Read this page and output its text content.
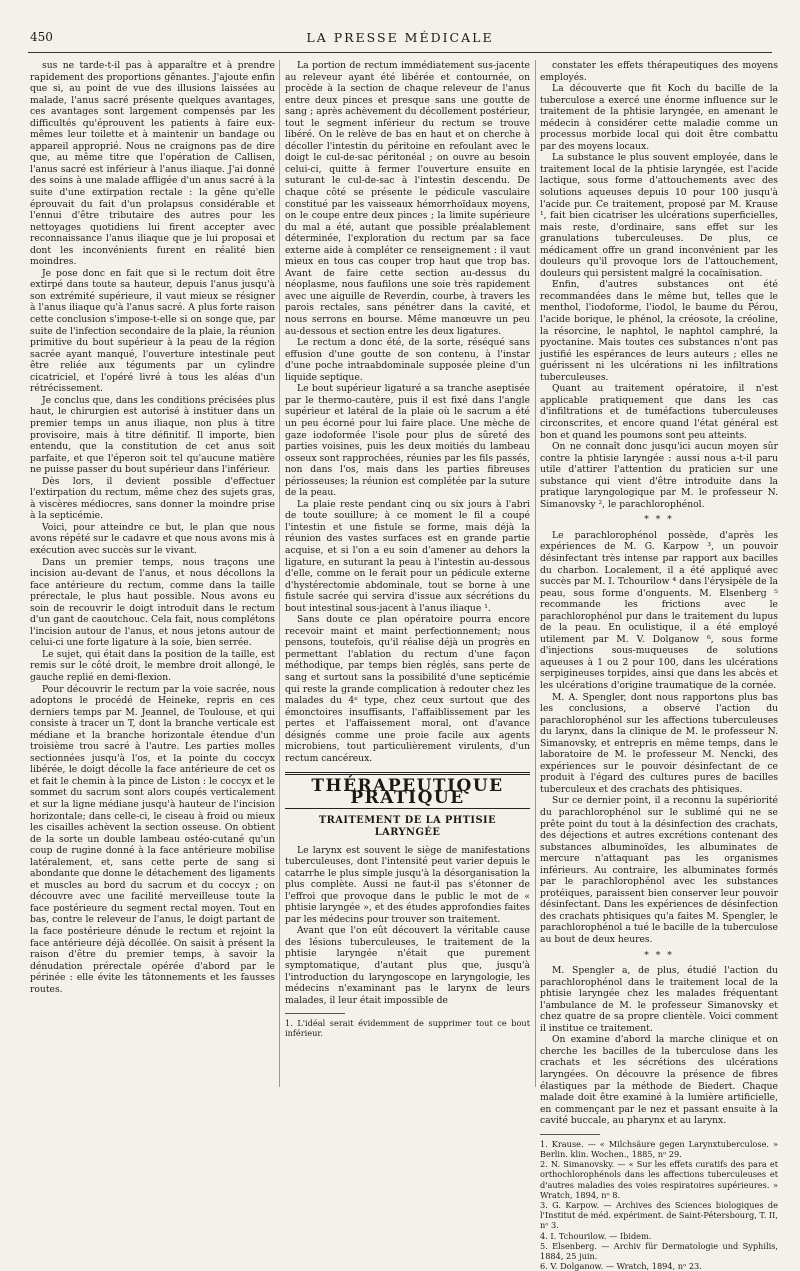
450	LA PRESSE MÉDICALE

sus ne tarde-t-il pas à apparaître et à prendre rapidement des proportions gênantes. J'ajoute enfin que si, au point de vue des illusions laissées au malade, l'anus sacré présente quelques avantages, ces avantages sont largement compensés par les difficultés qu'éprouvent les patients à faire eux-mêmes leur toilette et à maintenir un bandage ou appareil approprié. Nous ne craignons pas de dire que, au même titre que l'opération de Callisen, l'anus sacré est inférieur à l'anus iliaque. J'ai donné des soins à une malade affligée d'un anus sacré à la suite d'une extirpation rectale : la gêne qu'elle éprouvait du fait d'un prolapsus considérable et l'ennui d'être tributaire des autres pour les nettoyages quotidiens lui firent accepter avec reconnaissance l'anus iliaque que je lui proposai et dont les inconvénients furent en réalité bien moindres.

Je pose donc en fait que si le rectum doit être extirpé dans toute sa hauteur, depuis l'anus jusqu'à son extrémité supérieure, il vaut mieux se résigner à l'anus iliaque qu'à l'anus sacré. A plus forte raison cette conclusion s'impose-t-elle si on songe que, par suite de l'infection secondaire de la plaie, la réunion primitive du bout supérieur à la peau de la région sacrée ayant manqué, l'ouverture intestinale peut être reliée aux téguments par un cylindre cicatriciel, et l'opéré livré à tous les aléas d'un rétrécissement.

Je conclus que, dans les conditions précisées plus haut, le chirurgien est autorisé à instituer dans un premier temps un anus iliaque, non plus à titre provisoire, mais à titre définitif. Il importe, bien entendu, que la constitution de cet anus soit parfaite, et que l'éperon soit tel qu'aucune matière ne puisse passer du bout supérieur dans l'inférieur.

Dès lors, il devient possible d'effectuer l'extirpation du rectum, même chez des sujets gras, à viscères médiocres, sans donner la moindre prise à la septicémie.

Voici, pour atteindre ce but, le plan que nous avons répété sur le cadavre et que nous avons mis à exécution avec succès sur le vivant.

Dans un premier temps, nous traçons une incision au-devant de l'anus, et nous décollons la face antérieure du rectum, comme dans la taille prérectale, le plus haut possible. Nous avons eu soin de recouvrir le doigt introduit dans le rectum d'un gant de caoutchouc. Cela fait, nous complétons l'incision autour de l'anus, et nous jetons autour de celui-ci une forte ligature à la soie, bien serrée.

Le sujet, qui était dans la position de la taille, est remis sur le côté droit, le membre droit allongé, le gauche replié en demi-flexion.

Pour découvrir le rectum par la voie sacrée, nous adoptons le procédé de Heineke, repris en ces derniers temps par M. Jeannel, de Toulouse, et qui consiste à tracer un T, dont la branche verticale est médiane et la branche horizontale étendue d'un troisième trou sacré à l'autre. Les parties molles sectionnées jusqu'à l'os, et la pointe du coccyx libérée, le doigt décolle la face antérieure de cet os et fait le chemin à la pince de Liston : le coccyx et le sommet du sacrum sont alors coupés verticalement et sur la ligne médiane jusqu'à hauteur de l'incision horizontale; dans celle-ci, le ciseau à froid ou mieux les cisailles achèvent la section osseuse. On obtient de la sorte un double lambeau ostéo-cutané qu'un coup de rugine donné à la face antérieure mobilise latéralement, et, sans cette perte de sang si abondante que donne le détachement des ligaments et muscles au bord du sacrum et du coccyx ; on découvre avec une facilité merveilleuse toute la face postérieure du segment rectal moyen. Tout en bas, contre le releveur de l'anus, le doigt partant de la face postérieure dénude le rectum et rejoint la face antérieure déjà décollée. On saisit à présent la raison d'être du premier temps, à savoir la dénudation prérectale opérée d'abord par le périnée : elle évite les tâtonnements et les fausses routes.

La portion de rectum immédiatement sus-jacente au releveur ayant été libérée et contournée, on procède à la section de chaque releveur de l'anus entre deux pinces et presque sans une goutte de sang ; après achèvement du décollement postérieur, tout le segment inférieur du rectum se trouve libéré. On le relève de bas en haut et on cherche à décoller l'intestin du péritoine en refoulant avec le doigt le cul-de-sac péritonéal ; on ouvre au besoin celui-ci, quitte à fermer l'ouverture ensuite en suturant le cul-de-sac à l'intestin descendu. De chaque côté se présente le pédicule vasculaire constitué par les vaisseaux hémorrhoïdaux moyens, on le coupe entre deux pinces ; la limite supérieure du mal a été, autant que possible préalablement déterminée, l'exploration du rectum par sa face externe aide à compléter ce renseignement : il vaut mieux en tous cas couper trop haut que trop bas. Avant de faire cette section au-dessus du néoplasme, nous faufilons une soie très rapidement avec une aiguille de Reverdin, courbe, à travers les parois rectales, sans pénétrer dans la cavité, et nous serrons en bourse. Même manœuvre un peu au-dessous et section entre les deux ligatures.

Le rectum a donc été, de la sorte, réséqué sans effusion d'une goutte de son contenu, à l'instar d'une poche intraabdominale supposée pleine d'un liquide septique.

Le bout supérieur ligaturé a sa tranche aseptisée par le thermo-cautère, puis il est fixé dans l'angle supérieur et latéral de la plaie où le sacrum a été un peu écorné pour lui faire place. Une mèche de gaze iodoformée l'isole pour plus de sûreté des parties voisines, puis les deux moitiés du lambeau osseux sont rapprochées, réunies par les fils passés, non dans l'os, mais dans les parties fibreuses périosseuses; la réunion est complétée par la suture de la peau.

La plaie reste pendant cinq ou six jours à l'abri de toute souillure; à ce moment le fil a coupé l'intestin et une fistule se forme, mais déjà la réunion des vastes surfaces est en grande partie acquise, et si l'on a eu soin d'amener au dehors la ligature, en suturant la peau à l'intestin au-dessous d'elle, comme on le ferait pour un pédicule externe d'hystérectomie abdominale, tout se borne à une fistule sacrée qui servira d'issue aux sécrétions du bout intestinal sous-jacent à l'anus iliaque ¹.

Sans doute ce plan opératoire pourra encore recevoir maint et maint perfectionnement; nous pensons, toutefois, qu'il réalise déjà un progrès en permettant l'ablation du rectum d'une façon méthodique, par temps bien réglés, sans perte de sang et surtout sans la possibilité d'une septicémie qui reste la grande complication à redouter chez les malades du 4ᵉ type, chez ceux surtout que des émonctoires insuffisants, l'affaiblissement par les pertes et l'affaissement moral, ont d'avance désignés comme une proie facile aux agents microbiens, tout particulièrement virulents, d'un rectum cancéreux.

THÉRAPEUTIQUE PRATIQUE
TRAITEMENT DE LA PHTISIE LARYNGÉE

Le larynx est souvent le siège de manifestations tuberculeuses, dont l'intensité peut varier depuis le catarrhe le plus simple jusqu'à la désorganisation la plus complète. Aussi ne faut-il pas s'étonner de l'effroi que provoque dans le public le mot de « phtisie laryngée », et des études approfondies faites par les médecins pour trouver son traitement.

Avant que l'on eût découvert la véritable cause des lésions tuberculeuses, le traitement de la phtisie laryngée n'était que purement symptomatique, d'autant plus que, jusqu'à l'introduction du laryngoscope en laryngologie, les médecins n'examinant pas le larynx de leurs malades, il leur était impossible de

1. L'idéal serait évidemment de supprimer tout ce bout inférieur.

constater les effets thérapeutiques des moyens employés.

La découverte que fit Koch du bacille de la tuberculose a exercé une énorme influence sur le traitement de la phtisie laryngée, en amenant le médecin à considérer cette maladie comme un processus morbide local qui doit être combattu par des moyens locaux.

La substance le plus souvent employée, dans le traitement local de la phtisie laryngée, est l'acide lactique, sous forme d'attouchements avec des solutions aqueuses depuis 10 pour 100 jusqu'à l'acide pur. Ce traitement, proposé par M. Krause ¹, fait bien cicatriser les ulcérations superficielles, mais reste, d'ordinaire, sans effet sur les granulations tuberculeuses. De plus, ce médicament offre un grand inconvénient par les douleurs qu'il provoque lors de l'attouchement, douleurs qui persistent malgré la cocaïnisation.

Enfin, d'autres substances ont été recommandées dans le même but, telles que le menthol, l'iodoforme, l'iodol, le baume du Pérou, l'acide borique, le phénol, la créosote, la créoline, la résorcine, le naphtol, le naphtol camphré, la pyoctanine. Mais toutes ces substances n'ont pas justifié les espérances de leurs auteurs ; elles ne guérissent ni les ulcérations ni les infiltrations tuberculeuses.

Quant au traitement opératoire, il n'est applicable pratiquement que dans les cas d'infiltrations et de tuméfactions tuberculeuses circonscrites, et encore quand l'état général est bon et quand les poumons sont peu atteints.

On ne connaît donc jusqu'ici aucun moyen sûr contre la phtisie laryngée : aussi nous a-t-il paru utile d'attirer l'attention du praticien sur une substance qui vient d'être introduite dans la pratique laryngologique par M. le professeur N. Simanovsky ², le parachlorophénol.

* * *

Le parachlorophénol possède, d'après les expériences de M. G. Karpow ³, un pouvoir désinfectant très intense par rapport aux bacilles du charbon. Localement, il a été appliqué avec succès par M. I. Tchourilow ⁴ dans l'érysipèle de la peau, sous forme d'onguents. M. Elsenberg ⁵ recommande les frictions avec le parachlorophénol pur dans le traitement du lupus de la peau. En oculistique, il a été employé utilement par M. V. Dolganow ⁶, sous forme d'injections sous-muqueuses de solutions aqueuses à 1 ou 2 pour 100, dans les ulcérations serpigineuses torpides, ainsi que dans les abcès et les ulcérations d'origine traumatique de la cornée.

M. A. Spengler, dont nous rapportons plus bas les conclusions, a observé l'action du parachlorophénol sur les affections tuberculeuses du larynx, dans la clinique de M. le professeur N. Simanovsky, et entrepris en même temps, dans le laboratoire de M. le professeur M. Nencki, des expériences sur le pouvoir désinfectant de ce produit à l'égard des cultures pures de bacilles tuberculeux et des crachats des phtisiques.

Sur ce dernier point, il a reconnu la supériorité du parachlorophénol sur le sublimé qui ne se prête point du tout à la désinfection des crachats, des déjections et autres excrétions contenant des substances albuminoïdes, les albuminates de mercure n'attaquant pas les organismes inférieurs. Au contraire, les albuminates formés par le parachlorophénol avec les substances protéiques, paraissent bien conserver leur pouvoir désinfectant. Dans les expériences de désinfection des crachats phtisiques qu'a faites M. Spengler, le parachlorophénol a tué le bacille de la tuberculose au bout de deux heures.

* * *

M. Spengler a, de plus, étudié l'action du parachlorophénol dans le traitement local de la phtisie laryngée chez les malades fréquentant l'ambulance de M. le professeur Simanovsky et chez quatre de sa propre clientèle. Voici comment il institue ce traitement.

On examine d'abord la marche clinique et on cherche les bacilles de la tuberculose dans les crachats et les sécrétions des ulcérations laryngées. On découvre la présence de fibres élastiques par la méthode de Biedert. Chaque malade doit être examiné à la lumière artificielle, en commençant par le nez et passant ensuite à la cavité buccale, au pharynx et au larynx.

1. Krause. — « Milchsäure gegen Larynxtuberculose. » Berlin. klin. Wochen., 1885, nᵒ 29.

2. N. Simanovsky. — « Sur les effets curatifs des para et orthochlorophénols dans les affections tuberculeuses et d'autres maladies des voies respiratoires supérieures. » Wratch, 1894, nᵒ 8.

3. G. Karpow. — Archives des Sciences biologiques de l'Institut de méd. expériment. de Saint-Pétersbourg, T. II, nᵒ 3.

4. I. Tchourilow. — Ibidem.

5. Elsenberg. — Archiv für Dermatologie und Syphilis, 1884, 25 juin.

6. V. Dolganow. — Wratch, 1894, nᵒ 23.
